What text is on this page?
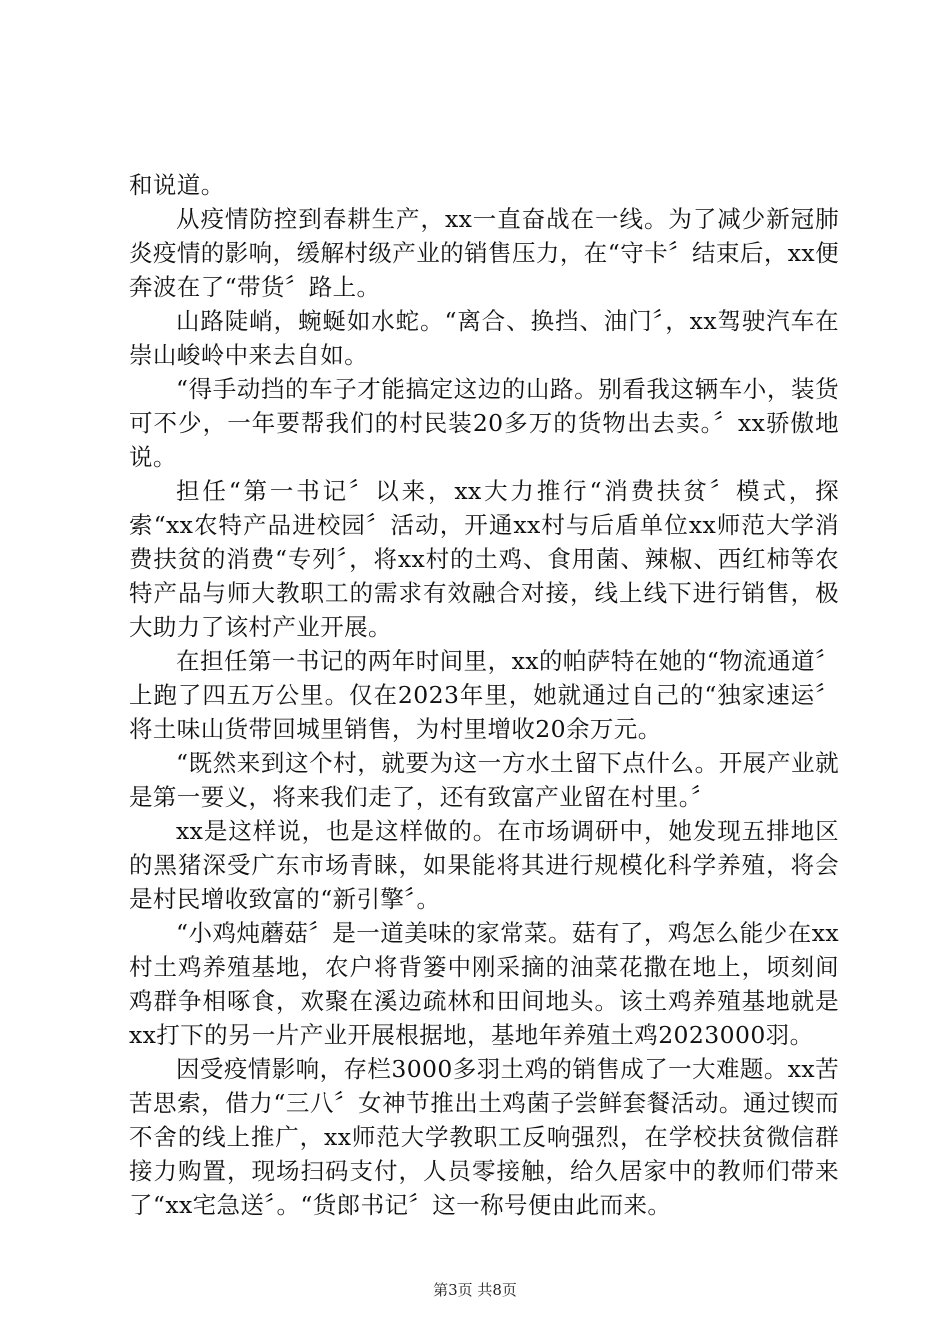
和说道。

从疫情防控到春耕生产，xx一直奋战在一线。为了减少新冠肺炎疫情的影响，缓解村级产业的销售压力，在“守卡〞结束后，xx便奔波在了“带货〞路上。

山路陡峭，蜿蜒如水蛇。“离合、换挡、油门〞，xx驾驶汽车在崇山峻岭中来去自如。

“得手动挡的车子才能搞定这边的山路。别看我这辆车小，装货可不少，一年要帮我们的村民装20多万的货物出去卖。〞xx骄傲地说。

担任“第一书记〞以来，xx大力推行“消费扶贫〞模式，探索“xx农特产品进校园〞活动，开通xx村与后盾单位xx师范大学消费扶贫的消费“专列〞，将xx村的土鸡、食用菌、辣椒、西红柿等农特产品与师大教职工的需求有效融合对接，线上线下进行销售，极大助力了该村产业开展。

在担任第一书记的两年时间里，xx的帕萨特在她的“物流通道〞上跑了四五万公里。仅在2023年里，她就通过自己的“独家速运〞将土味山货带回城里销售，为村里增收20余万元。

“既然来到这个村，就要为这一方水土留下点什么。开展产业就是第一要义，将来我们走了，还有致富产业留在村里。〞

xx是这样说，也是这样做的。在市场调研中，她发现五排地区的黑猪深受广东市场青睐，如果能将其进行规模化科学养殖，将会是村民增收致富的“新引擎〞。

“小鸡炖蘑菇〞是一道美味的家常菜。菇有了，鸡怎么能少在xx村土鸡养殖基地，农户将背篓中刚采摘的油菜花撒在地上，顷刻间鸡群争相啄食，欢聚在溪边疏林和田间地头。该土鸡养殖基地就是xx打下的另一片产业开展根据地，基地年养殖土鸡2023000羽。

因受疫情影响，存栏3000多羽土鸡的销售成了一大难题。xx苦苦思索，借力“三八〞女神节推出土鸡菌子尝鲜套餐活动。通过锲而不舍的线上推广，xx师范大学教职工反响强烈，在学校扶贫微信群接力购置，现场扫码支付，人员零接触，给久居家中的教师们带来了“xx宅急送〞。“货郎书记〞这一称号便由此而来。

第3页 共8页
